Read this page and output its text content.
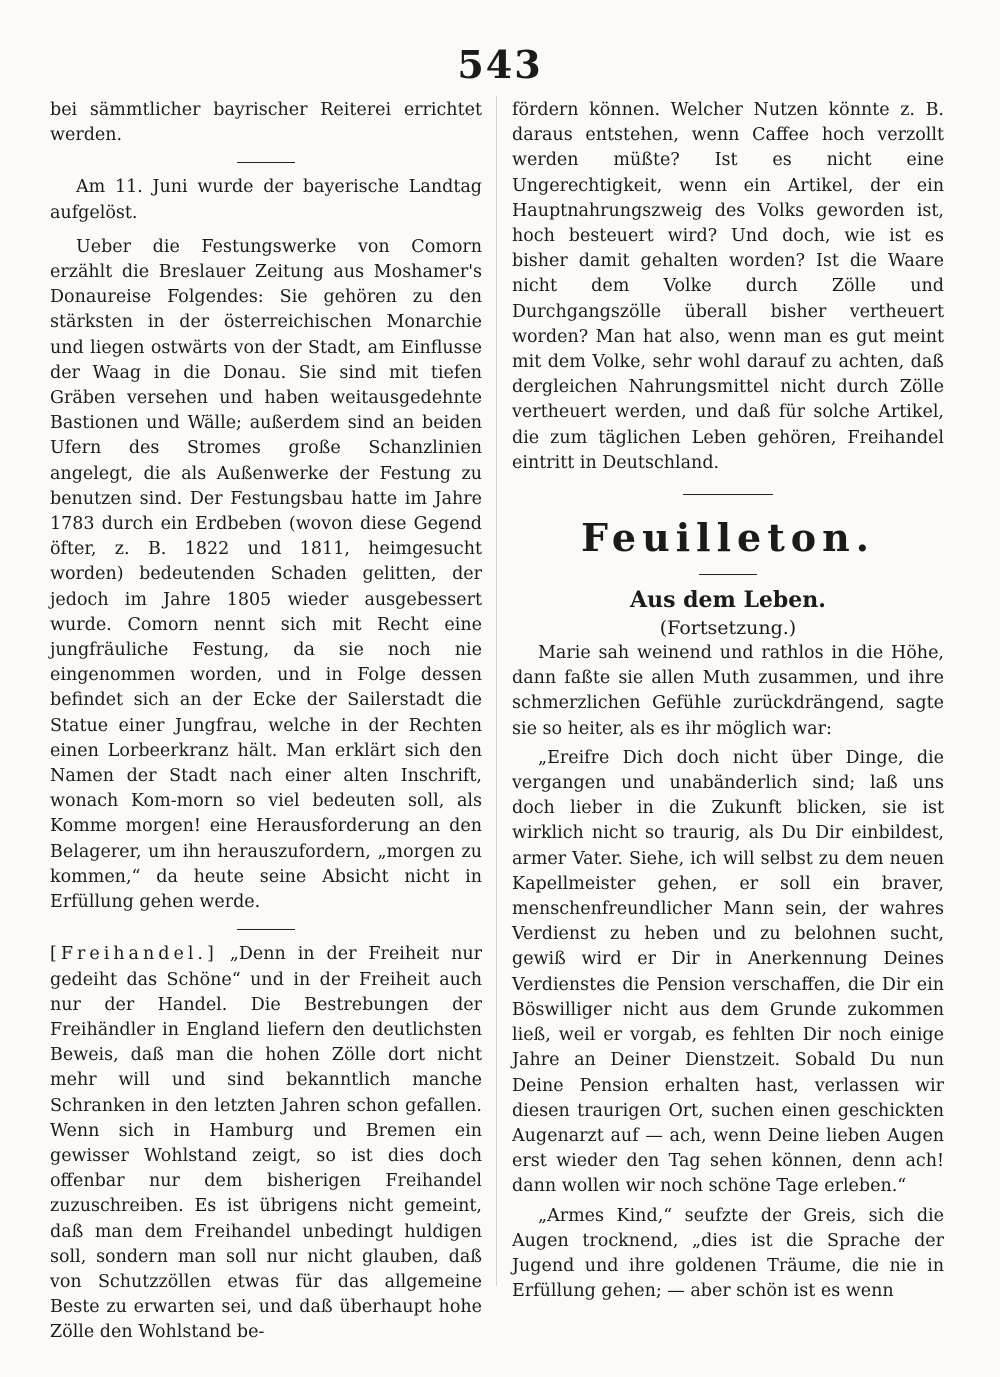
543

bei sämmtlicher bayrischer Reiterei errichtet werden.

Am 11. Juni wurde der bayerische Landtag aufgelöst.

Ueber die Festungswerke von Comorn erzählt die Breslauer Zeitung aus Moshamer's Donaureise Folgendes: Sie gehören zu den stärksten in der österreichischen Monarchie und liegen ostwärts von der Stadt, am Einflusse der Waag in die Donau. Sie sind mit tiefen Gräben versehen und haben weitausgedehnte Bastionen und Wälle; außerdem sind an beiden Ufern des Stromes große Schanzlinien angelegt, die als Außenwerke der Festung zu benutzen sind. Der Festungsbau hatte im Jahre 1783 durch ein Erdbeben (wovon diese Gegend öfter, z. B. 1822 und 1811, heimgesucht worden) bedeutenden Schaden gelitten, der jedoch im Jahre 1805 wieder ausgebessert wurde. Comorn nennt sich mit Recht eine jungfräuliche Festung, da sie noch nie eingenommen worden, und in Folge dessen befindet sich an der Ecke der Sailerstadt die Statue einer Jungfrau, welche in der Rechten einen Lorbeerkranz hält. Man erklärt sich den Namen der Stadt nach einer alten Inschrift, wonach Kom-morn so viel bedeuten soll, als Komme morgen! eine Herausforderung an den Belagerer, um ihn herauszufordern, „morgen zu kommen,“ da heute seine Absicht nicht in Erfüllung gehen werde.

[Freihandel.] „Denn in der Freiheit nur gedeiht das Schöne“ und in der Freiheit auch nur der Handel. Die Bestrebungen der Freihändler in England liefern den deutlichsten Beweis, daß man die hohen Zölle dort nicht mehr will und sind bekanntlich manche Schranken in den letzten Jahren schon gefallen. Wenn sich in Hamburg und Bremen ein gewisser Wohlstand zeigt, so ist dies doch offenbar nur dem bisherigen Freihandel zuzuschreiben. Es ist übrigens nicht gemeint, daß man dem Freihandel unbedingt huldigen soll, sondern man soll nur nicht glauben, daß von Schutzzöllen etwas für das allgemeine Beste zu erwarten sei, und daß überhaupt hohe Zölle den Wohlstand be-

fördern können. Welcher Nutzen könnte z. B. daraus entstehen, wenn Caffee hoch verzollt werden müßte? Ist es nicht eine Ungerechtigkeit, wenn ein Artikel, der ein Hauptnahrungszweig des Volks geworden ist, hoch besteuert wird? Und doch, wie ist es bisher damit gehalten worden? Ist die Waare nicht dem Volke durch Zölle und Durchgangszölle überall bisher vertheuert worden? Man hat also, wenn man es gut meint mit dem Volke, sehr wohl darauf zu achten, daß dergleichen Nahrungsmittel nicht durch Zölle vertheuert werden, und daß für solche Artikel, die zum täglichen Leben gehören, Freihandel eintritt in Deutschland.

Feuilleton.
Aus dem Leben.
(Fortsetzung.)

Marie sah weinend und rathlos in die Höhe, dann faßte sie allen Muth zusammen, und ihre schmerzlichen Gefühle zurückdrängend, sagte sie so heiter, als es ihr möglich war:

„Ereifre Dich doch nicht über Dinge, die vergangen und unabänderlich sind; laß uns doch lieber in die Zukunft blicken, sie ist wirklich nicht so traurig, als Du Dir einbildest, armer Vater. Siehe, ich will selbst zu dem neuen Kapellmeister gehen, er soll ein braver, menschenfreundlicher Mann sein, der wahres Verdienst zu heben und zu belohnen sucht, gewiß wird er Dir in Anerkennung Deines Verdienstes die Pension verschaffen, die Dir ein Böswilliger nicht aus dem Grunde zukommen ließ, weil er vorgab, es fehlten Dir noch einige Jahre an Deiner Dienstzeit. Sobald Du nun Deine Pension erhalten hast, verlassen wir diesen traurigen Ort, suchen einen geschickten Augenarzt auf — ach, wenn Deine lieben Augen erst wieder den Tag sehen können, denn ach! dann wollen wir noch schöne Tage erleben.“

„Armes Kind,“ seufzte der Greis, sich die Augen trocknend, „dies ist die Sprache der Jugend und ihre goldenen Träume, die nie in Erfüllung gehen; — aber schön ist es wenn
